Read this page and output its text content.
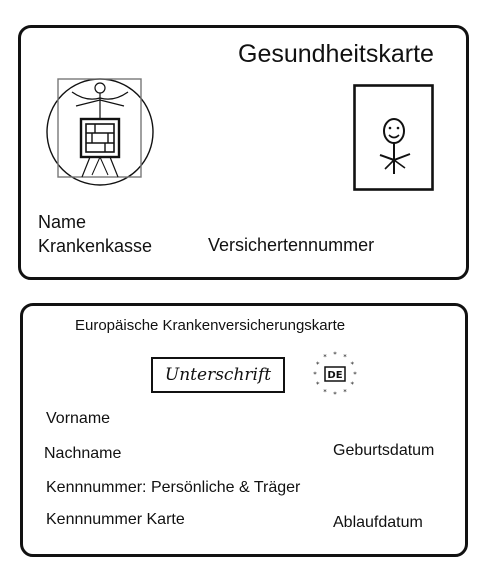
Gesundheitskarte
Name
Krankenkasse	Versichertennummer
Europäische Krankenversicherungskarte
Unterschrift
* *
*
*
*
*
*
*
*
*
*
*
DE
Vorname
Nachname	Geburtsdatum
Kennnummer: Persönliche & Träger
Kennnummer Karte	Ablaufdatum
